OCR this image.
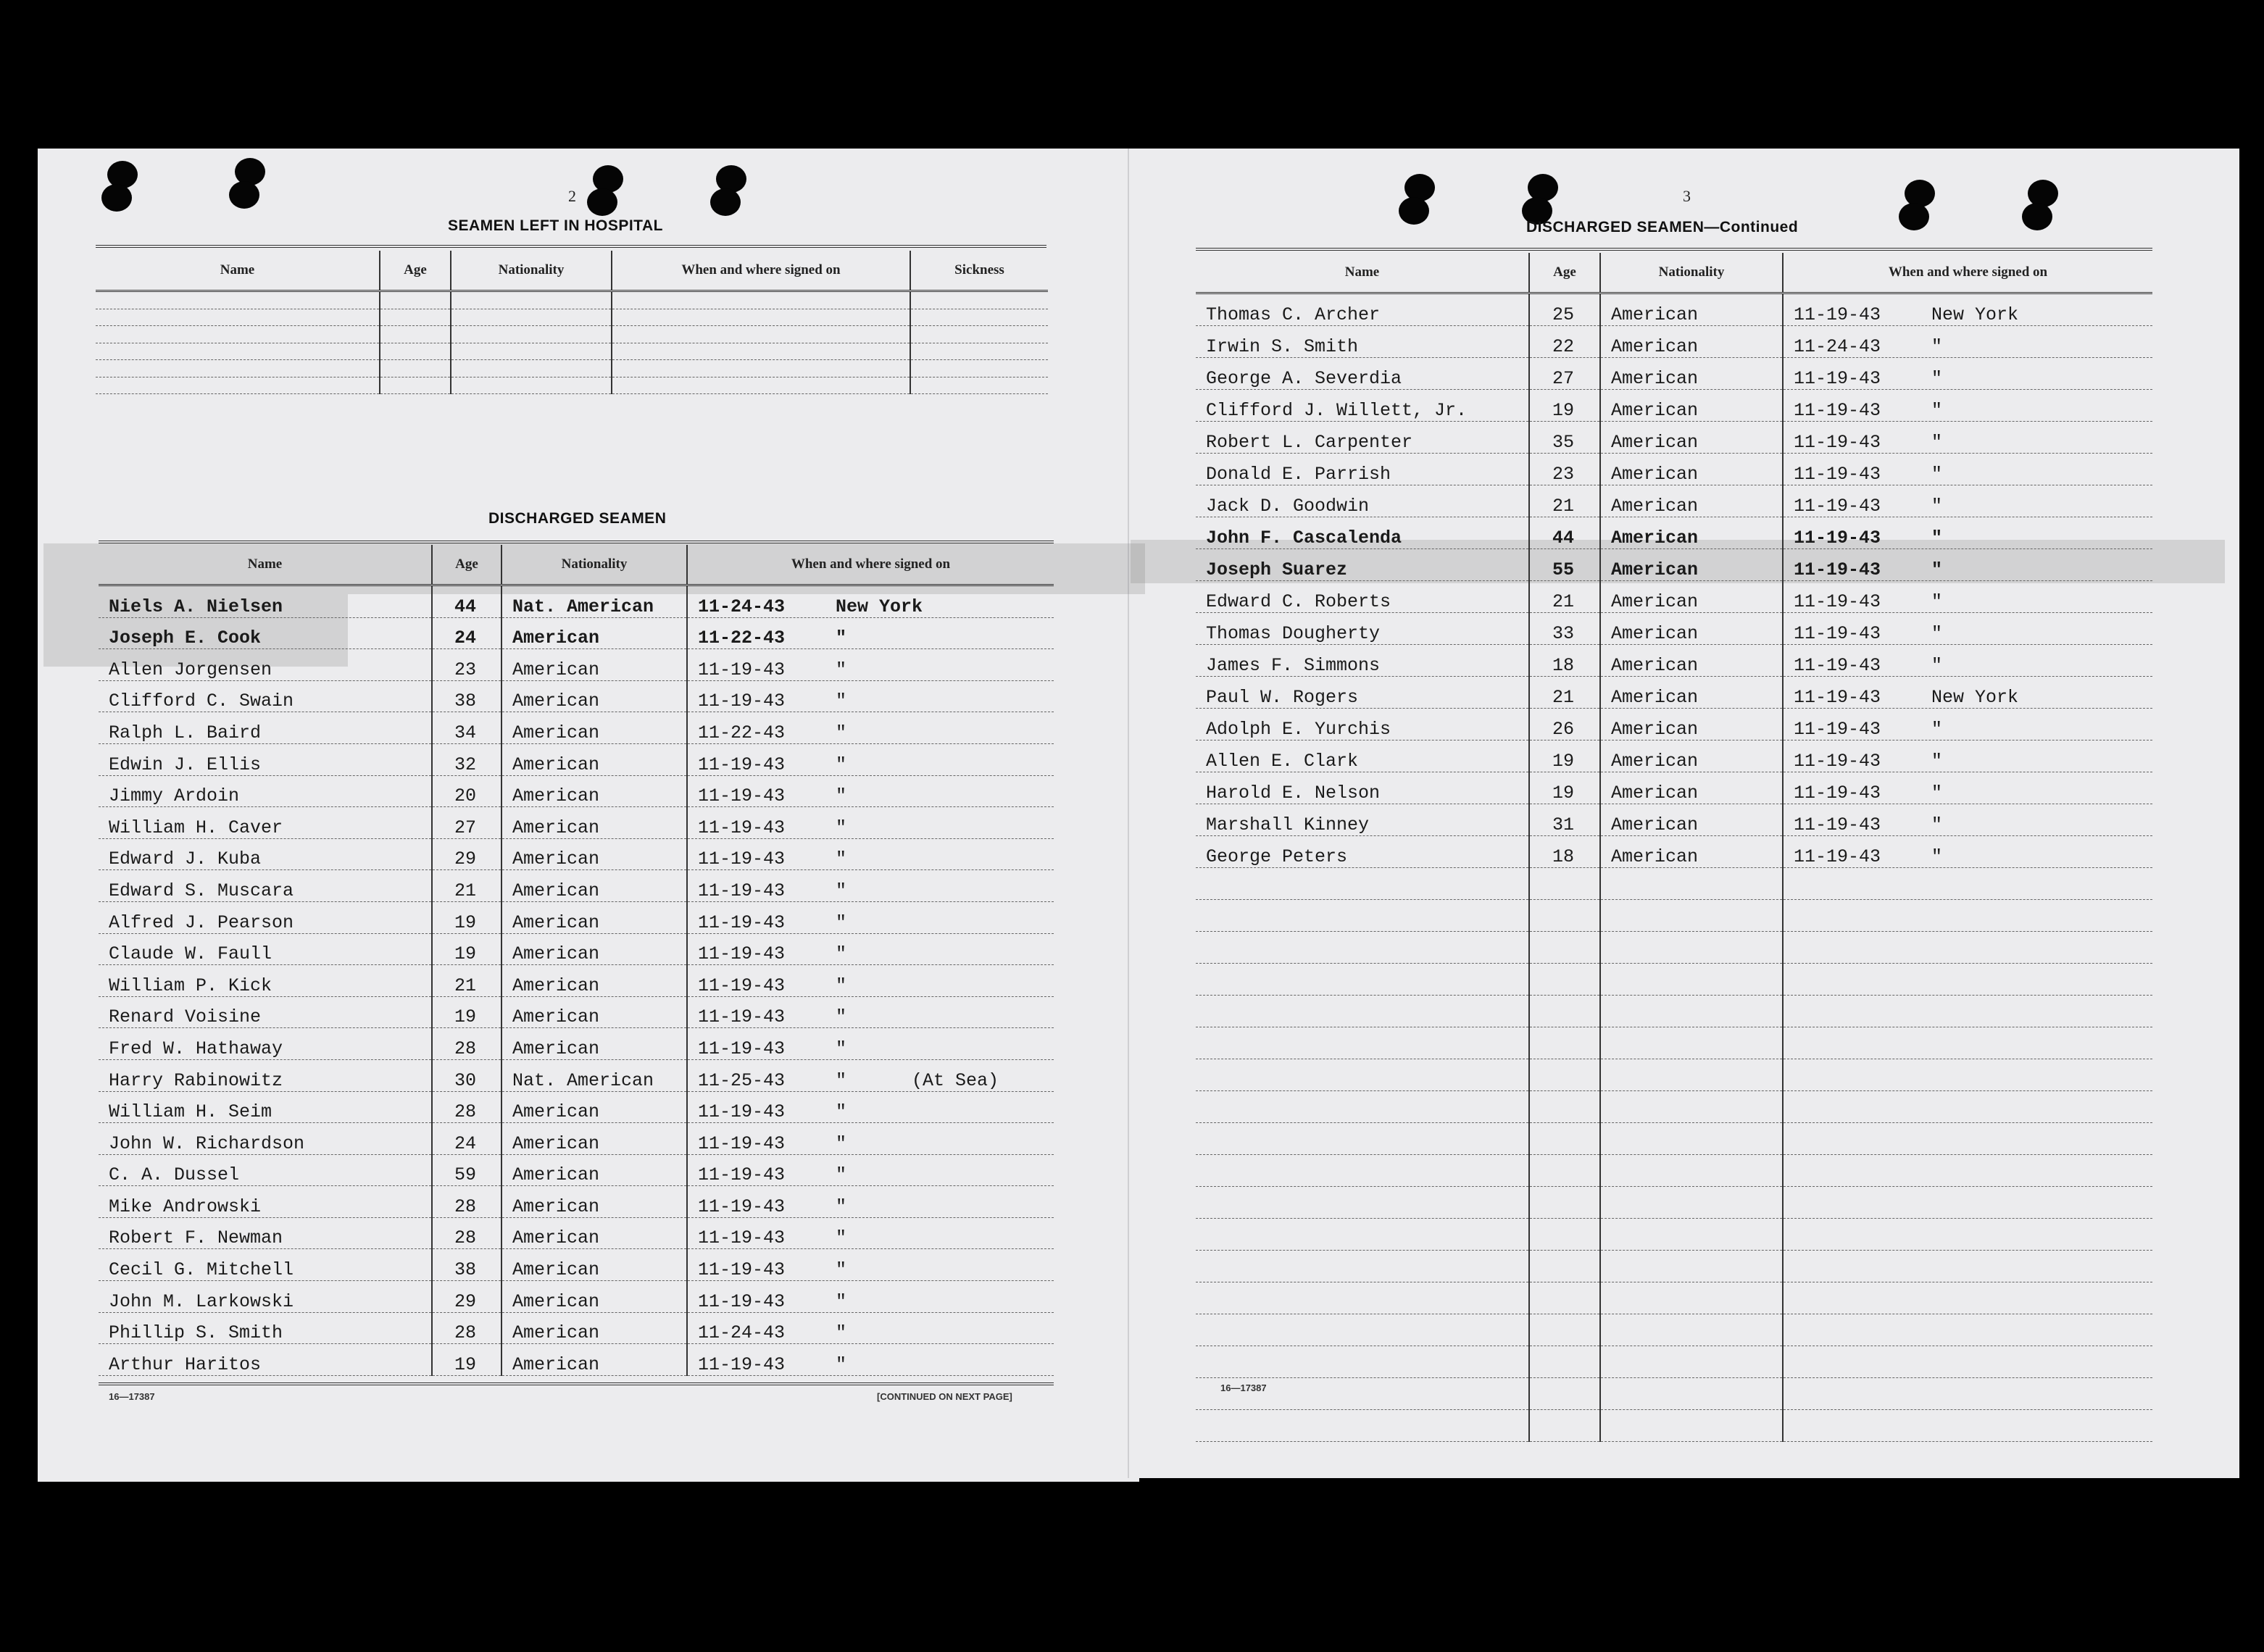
2
SEAMEN LEFT IN HOSPITAL
Name	Age	Nationality	When and where signed on	Sickness

DISCHARGED SEAMEN
Name	Age	Nationality	When and where signed on
Niels A. Nielsen	44	Nat. American	11-24-43 New York
Joseph E. Cook	24	American	11-22-43 "
Allen Jorgensen	23	American	11-19-43 "
Clifford C. Swain	38	American	11-19-43 "
Ralph L. Baird	34	American	11-22-43 "
Edwin J. Ellis	32	American	11-19-43 "
Jimmy Ardoin	20	American	11-19-43 "
William H. Caver	27	American	11-19-43 "
Edward J. Kuba	29	American	11-19-43 "
Edward S. Muscara	21	American	11-19-43 "
Alfred J. Pearson	19	American	11-19-43 "
Claude W. Faull	19	American	11-19-43 "
William P. Kick	21	American	11-19-43 "
Renard Voisine	19	American	11-19-43 "
Fred W. Hathaway	28	American	11-19-43 "
Harry Rabinowitz	30	Nat. American	11-25-43 "      (At Sea)
William H. Seim	28	American	11-19-43 "
John W. Richardson	24	American	11-19-43 "
C. A. Dussel	59	American	11-19-43 "
Mike Androwski	28	American	11-19-43 "
Robert F. Newman	28	American	11-19-43 "
Cecil G. Mitchell	38	American	11-19-43 "
John M. Larkowski	29	American	11-19-43 "
Phillip S. Smith	28	American	11-24-43 "
Arthur Haritos	19	American	11-19-43 "
16—17387	[CONTINUED ON NEXT PAGE]
3
DISCHARGED SEAMEN—Continued
Name	Age	Nationality	When and where signed on
Thomas C. Archer	25	American	11-19-43 New York
Irwin S. Smith	22	American	11-24-43 "
George A. Severdia	27	American	11-19-43 "
Clifford J. Willett, Jr.	19	American	11-19-43 "
Robert L. Carpenter	35	American	11-19-43 "
Donald E. Parrish	23	American	11-19-43 "
Jack D. Goodwin	21	American	11-19-43 "
John F. Cascalenda	44	American	11-19-43 "
Joseph Suarez	55	American	11-19-43 "
Edward C. Roberts	21	American	11-19-43 "
Thomas Dougherty	33	American	11-19-43 "
James F. Simmons	18	American	11-19-43 "
Paul W. Rogers	21	American	11-19-43 New York
Adolph E. Yurchis	26	American	11-19-43 "
Allen E. Clark	19	American	11-19-43 "
Harold E. Nelson	19	American	11-19-43 "
Marshall Kinney	31	American	11-19-43 "
George Peters	18	American	11-19-43 "

16—17387
